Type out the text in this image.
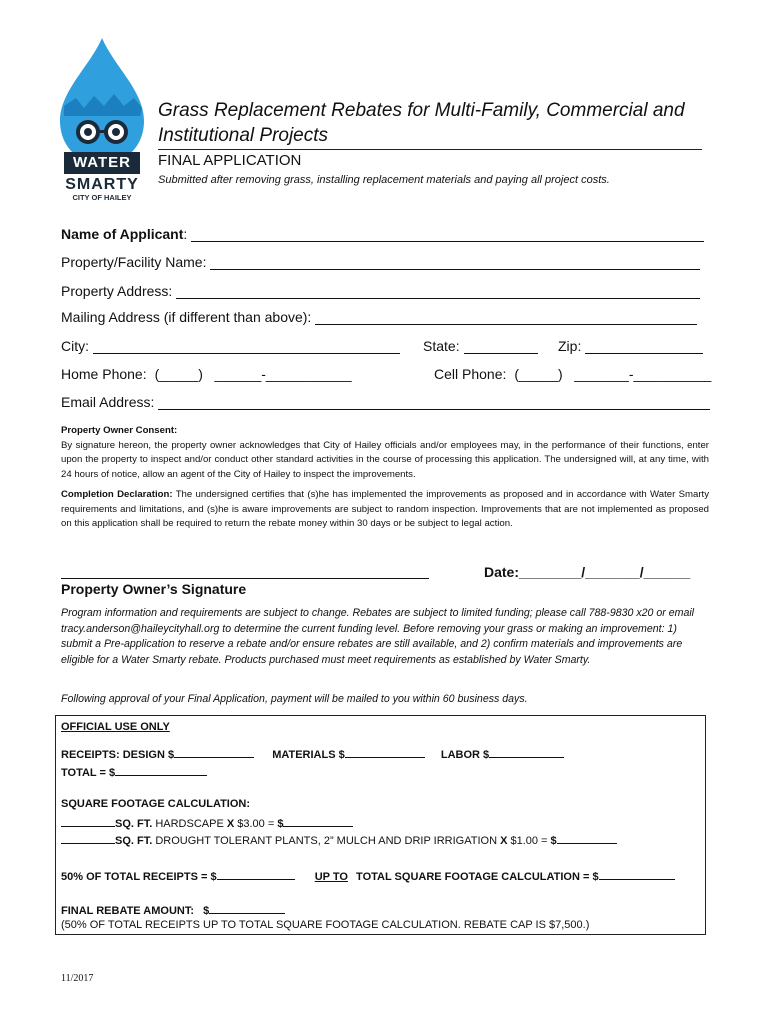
WATER
SMARTY
CITY OF HAILEY
Grass Replacement Rebates for Multi-Family, Commercial and Institutional Projects
FINAL APPLICATION
Submitted after removing grass, installing replacement materials and paying all project costs.
Name of Applicant :
Property/Facility Name:
Property Address:
Mailing Address (if different than above):
City:	State:	Zip:
Home Phone: (_____)   ______-___________	Cell Phone: (_____)   _______-__________
Email Address:
Property Owner Consent:
By signature hereon, the property owner acknowledges that City of Hailey officials and/or employees may, in the performance of their functions, enter upon the property to inspect and/or conduct other standard activities in the course of processing this application. The undersigned will, at any time, with 24 hours of notice, allow an agent of the City of Hailey to inspect the improvements.
Completion Declaration: The undersigned certifies that (s)he has implemented the improvements as proposed and in accordance with Water Smarty requirements and limitations, and (s)he is aware improvements are subject to random inspection. Improvements that are not implemented as proposed on this application shall be required to return the rebate money within 30 days or be subject to legal action.
Property Owner’s Signature
Date:________/_______/______
Program information and requirements are subject to change. Rebates are subject to limited funding; please call 788-9830 x20 or email tracy.anderson@haileycityhall.org to determine the current funding level. Before removing your grass or making an improvement: 1) submit a Pre-application to reserve a rebate and/or ensure rebates are still available, and 2) confirm materials and improvements are eligible for a Water Smarty rebate. Products purchased must meet requirements as established by Water Smarty.
Following approval of your Final Application, payment will be mailed to you within 60 business days.
OFFICIAL USE ONLY
RECEIPTS: DESIGN $	MATERIALS $	LABOR $
TOTAL = $
SQUARE FOOTAGE CALCULATION:
SQ. FT. HARDSCAPE X $3.00 = $
SQ. FT. DROUGHT TOLERANT PLANTS, 2” MULCH AND DRIP IRRIGATION X $1.00 = $
50% OF TOTAL RECEIPTS = $	UP TO TOTAL SQUARE FOOTAGE CALCULATION = $
FINAL REBATE AMOUNT:   $
(50% OF TOTAL RECEIPTS UP TO TOTAL SQUARE FOOTAGE CALCULATION. REBATE CAP IS $7,500.)
11/2017
